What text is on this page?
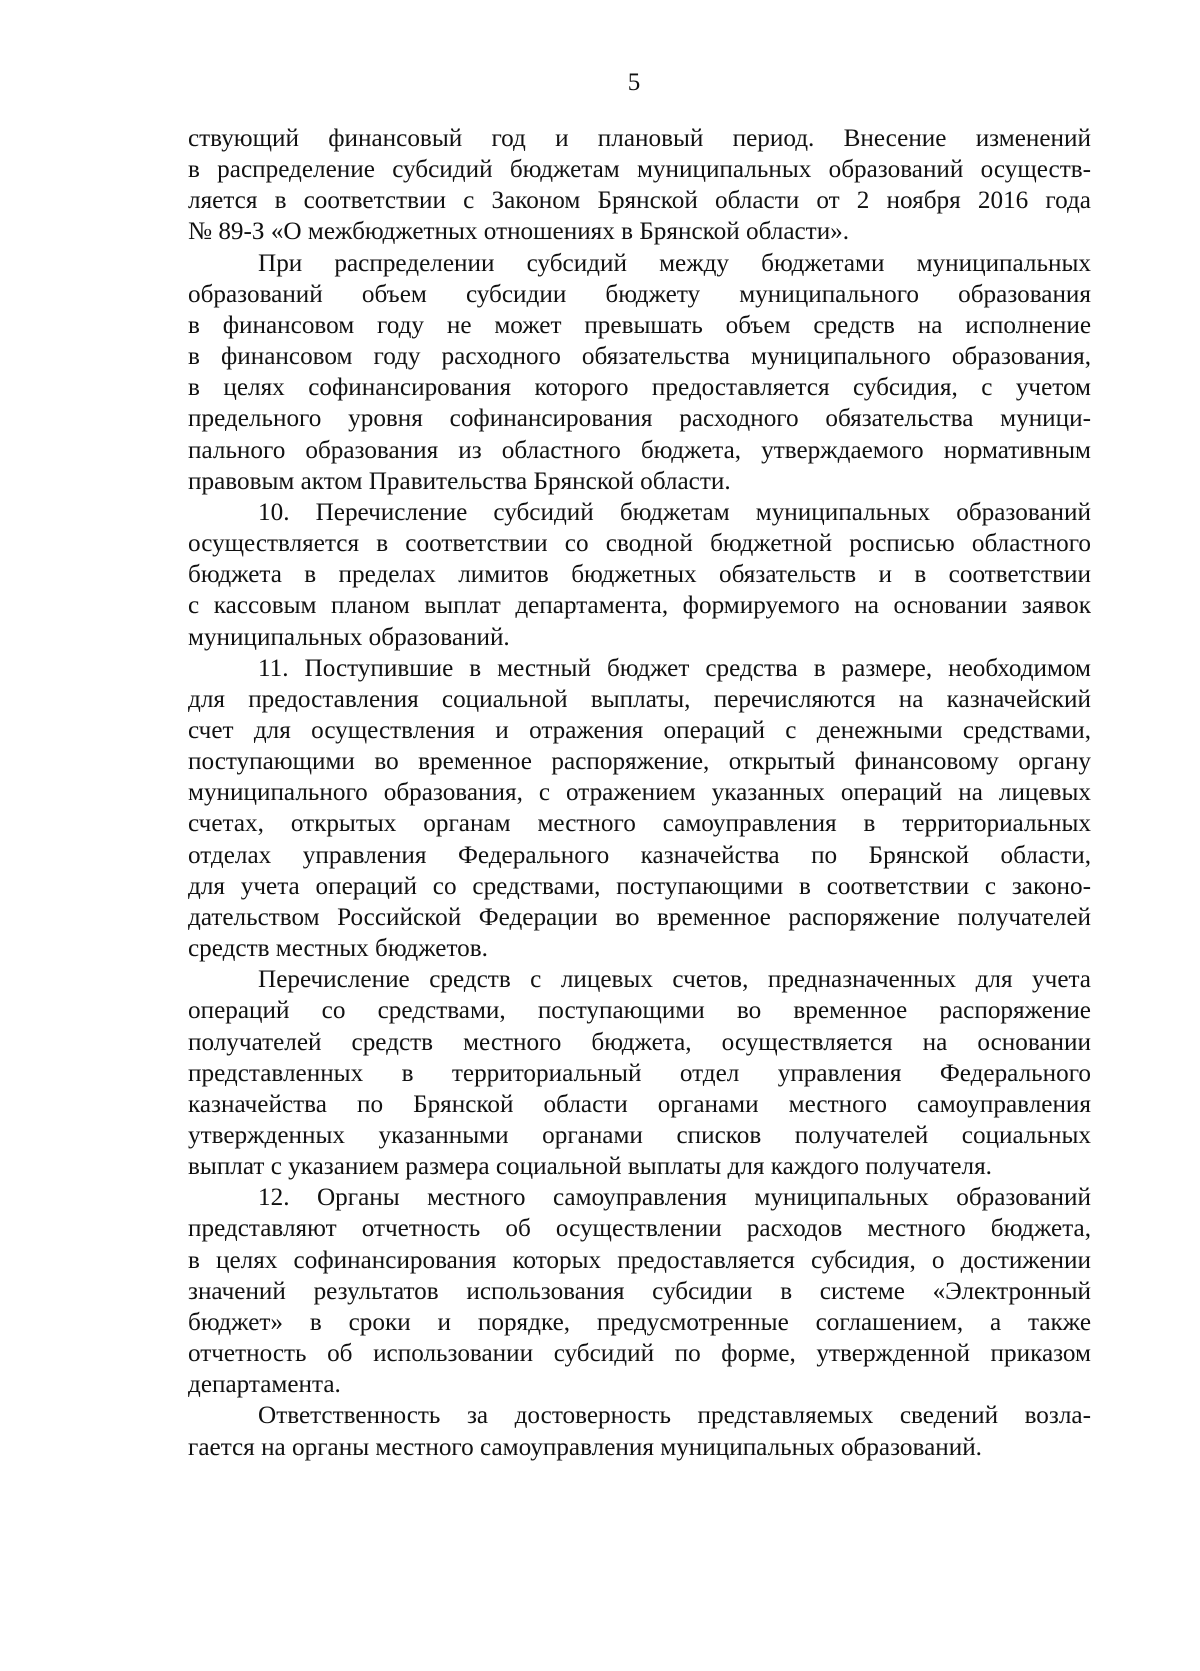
5
ствующий финансовый год и плановый период. Внесение изменений
в распределение субсидий бюджетам муниципальных образований осуществ-
ляется в соответствии с Законом Брянской области от 2 ноября 2016 года
№ 89-З «О межбюджетных отношениях в Брянской области».
При распределении субсидий между бюджетами муниципальных
образований объем субсидии бюджету муниципального образования
в финансовом году не может превышать объем средств на исполнение
в финансовом году расходного обязательства муниципального образования,
в целях софинансирования которого предоставляется субсидия, с учетом
предельного уровня софинансирования расходного обязательства муници-
пального образования из областного бюджета, утверждаемого нормативным
правовым актом Правительства Брянской области.
10. Перечисление субсидий бюджетам муниципальных образований
осуществляется в соответствии со сводной бюджетной росписью областного
бюджета в пределах лимитов бюджетных обязательств и в соответствии
с кассовым планом выплат департамента, формируемого на основании заявок
муниципальных образований.
11. Поступившие в местный бюджет средства в размере, необходимом
для предоставления социальной выплаты, перечисляются на казначейский
счет для осуществления и отражения операций с денежными средствами,
поступающими во временное распоряжение, открытый финансовому органу
муниципального образования, с отражением указанных операций на лицевых
счетах, открытых органам местного самоуправления в территориальных
отделах управления Федерального казначейства по Брянской области,
для учета операций со средствами, поступающими в соответствии с законо-
дательством Российской Федерации во временное распоряжение получателей
средств местных бюджетов.
Перечисление средств с лицевых счетов, предназначенных для учета
операций со средствами, поступающими во временное распоряжение
получателей средств местного бюджета, осуществляется на основании
представленных в территориальный отдел управления Федерального
казначейства по Брянской области органами местного самоуправления
утвержденных указанными органами списков получателей социальных
выплат с указанием размера социальной выплаты для каждого получателя.
12. Органы местного самоуправления муниципальных образований
представляют отчетность об осуществлении расходов местного бюджета,
в целях софинансирования которых предоставляется субсидия, о достижении
значений результатов использования субсидии в системе «Электронный
бюджет» в сроки и порядке, предусмотренные соглашением, а также
отчетность об использовании субсидий по форме, утвержденной приказом
департамента.
Ответственность за достоверность представляемых сведений возла-
гается на органы местного самоуправления муниципальных образований.
